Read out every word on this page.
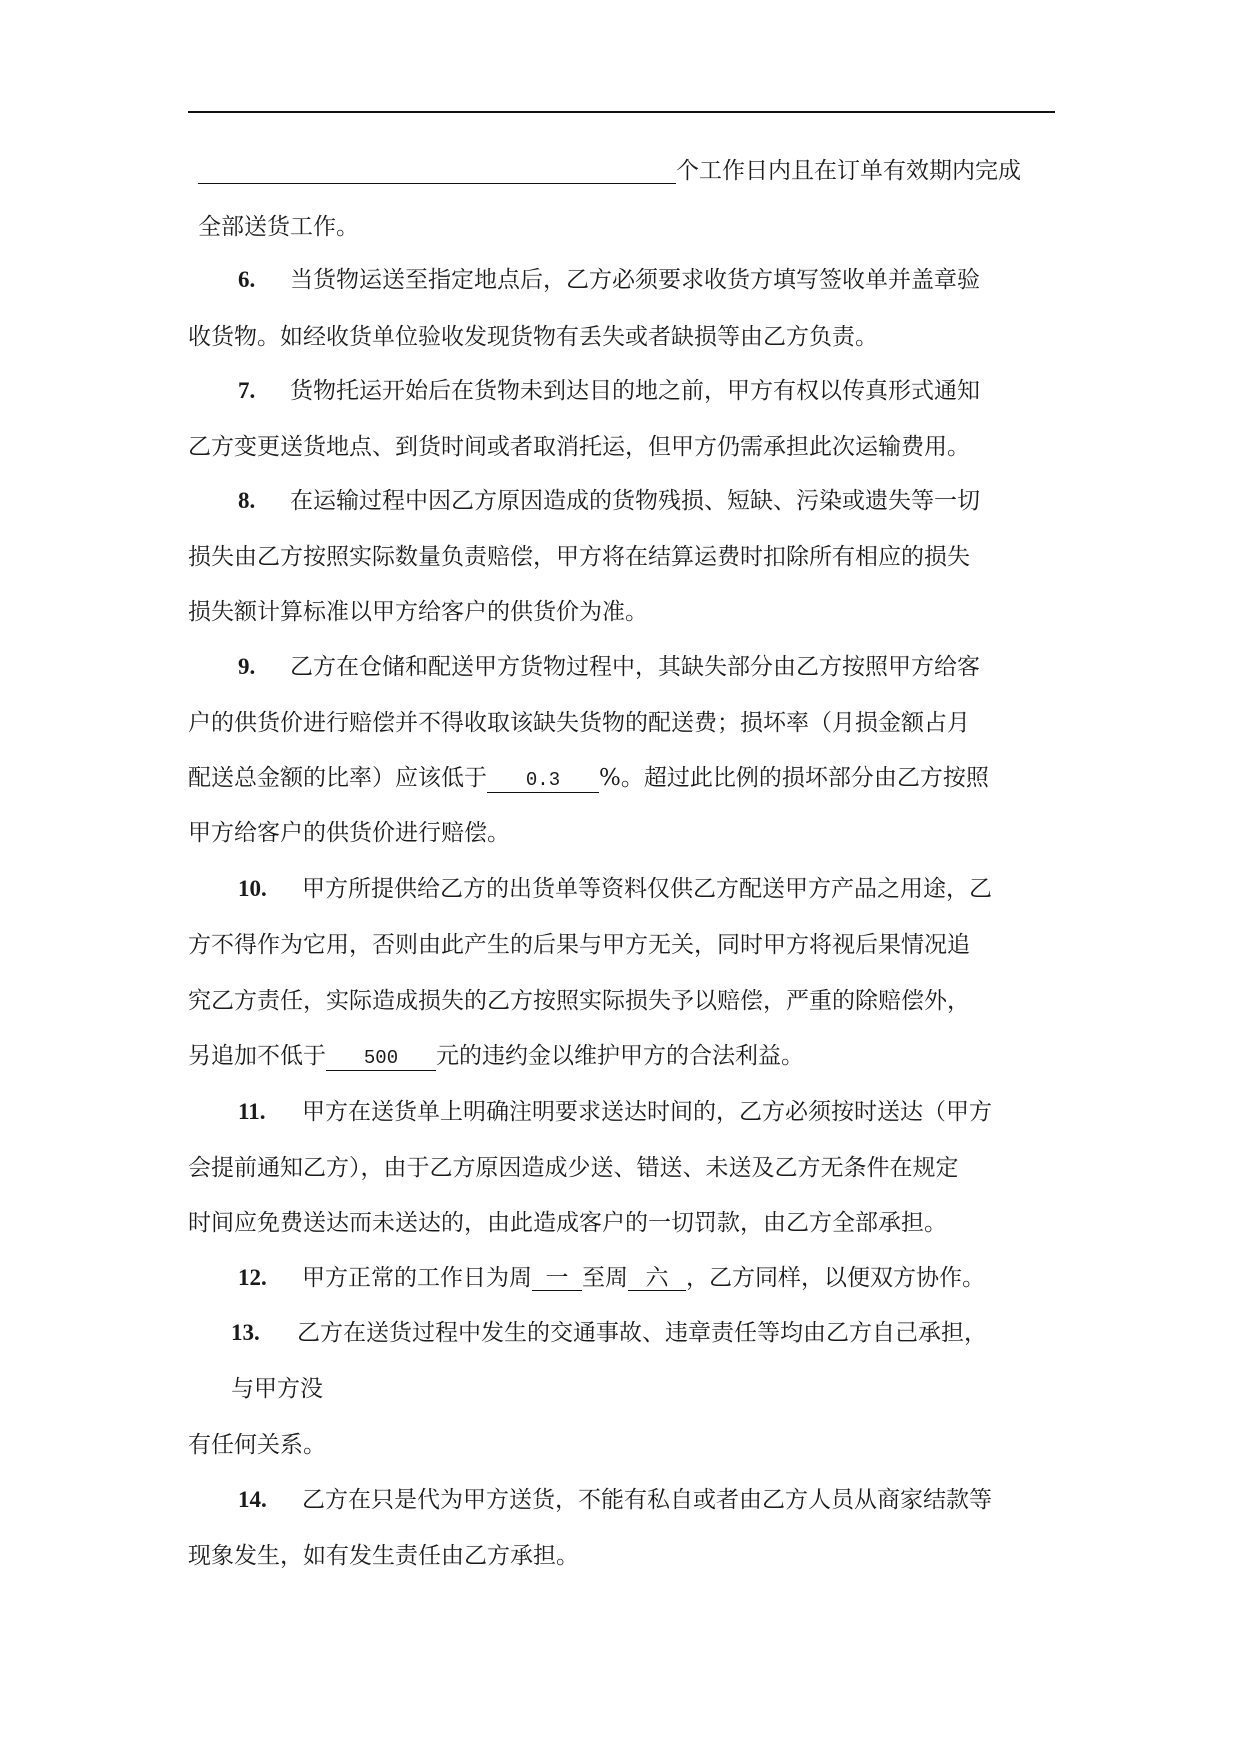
个工作日内且在订单有效期内完成
全部送货工作。
6. 当货物运送至指定地点后，乙方必须要求收货方填写签收单并盖章验
收货物。如经收货单位验收发现货物有丢失或者缺损等由乙方负责。
7. 货物托运开始后在货物未到达目的地之前，甲方有权以传真形式通知
乙方变更送货地点、到货时间或者取消托运，但甲方仍需承担此次运输费用。
8. 在运输过程中因乙方原因造成的货物残损、短缺、污染或遗失等一切
损失由乙方按照实际数量负责赔偿，甲方将在结算运费时扣除所有相应的损失
损失额计算标准以甲方给客户的供货价为准。
9. 乙方在仓储和配送甲方货物过程中，其缺失部分由乙方按照甲方给客
户的供货价进行赔偿并不得收取该缺失货物的配送费；损坏率（月损金额占月
配送总金额的比率）应该低于 0.3 %。超过此比例的损坏部分由乙方按照
甲方给客户的供货价进行赔偿。
10. 甲方所提供给乙方的出货单等资料仅供乙方配送甲方产品之用途，乙
方不得作为它用，否则由此产生的后果与甲方无关，同时甲方将视后果情况追
究乙方责任，实际造成损失的乙方按照实际损失予以赔偿，严重的除赔偿外，
另追加不低于 500 元的违约金以维护甲方的合法利益。
11. 甲方在送货单上明确注明要求送达时间的，乙方必须按时送达（甲方
会提前通知乙方），由于乙方原因造成少送、错送、未送及乙方无条件在规定
时间应免费送达而未送达的，由此造成客户的一切罚款，由乙方全部承担。
12. 甲方正常的工作日为周 一 至周 六 ，乙方同样，以便双方协作。
13. 乙方在送货过程中发生的交通事故、违章责任等均由乙方自己承担，
与甲方没
有任何关系。
14. 乙方在只是代为甲方送货，不能有私自或者由乙方人员从商家结款等
现象发生，如有发生责任由乙方承担。
